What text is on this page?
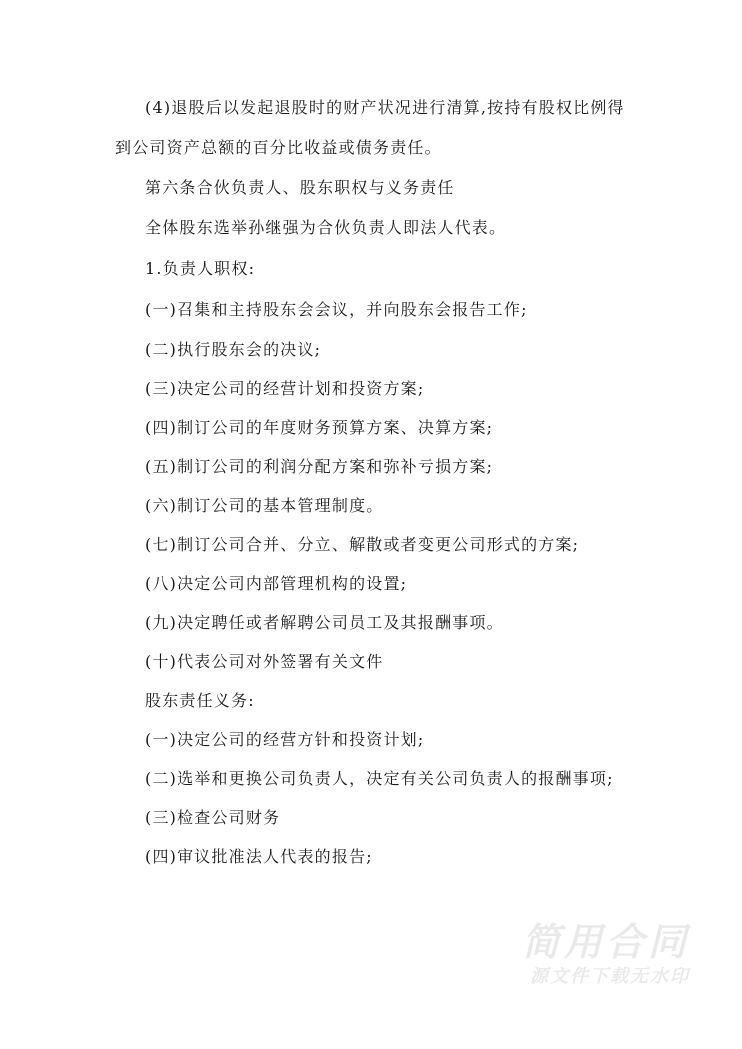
(4)退股后以发起退股时的财产状况进行清算,按持有股权比例得
到公司资产总额的百分比收益或债务责任。
第六条合伙负责人、股东职权与义务责任
全体股东选举孙继强为合伙负责人即法人代表。
1.负责人职权:
(一)召集和主持股东会会议，并向股东会报告工作;
(二)执行股东会的决议;
(三)决定公司的经营计划和投资方案;
(四)制订公司的年度财务预算方案、决算方案;
(五)制订公司的利润分配方案和弥补亏损方案;
(六)制订公司的基本管理制度。
(七)制订公司合并、分立、解散或者变更公司形式的方案;
(八)决定公司内部管理机构的设置;
(九)决定聘任或者解聘公司员工及其报酬事项。
(十)代表公司对外签署有关文件
股东责任义务:
(一)决定公司的经营方针和投资计划;
(二)选举和更换公司负责人，决定有关公司负责人的报酬事项;
(三)检查公司财务
(四)审议批准法人代表的报告;
简用合同
源文件下载无水印
